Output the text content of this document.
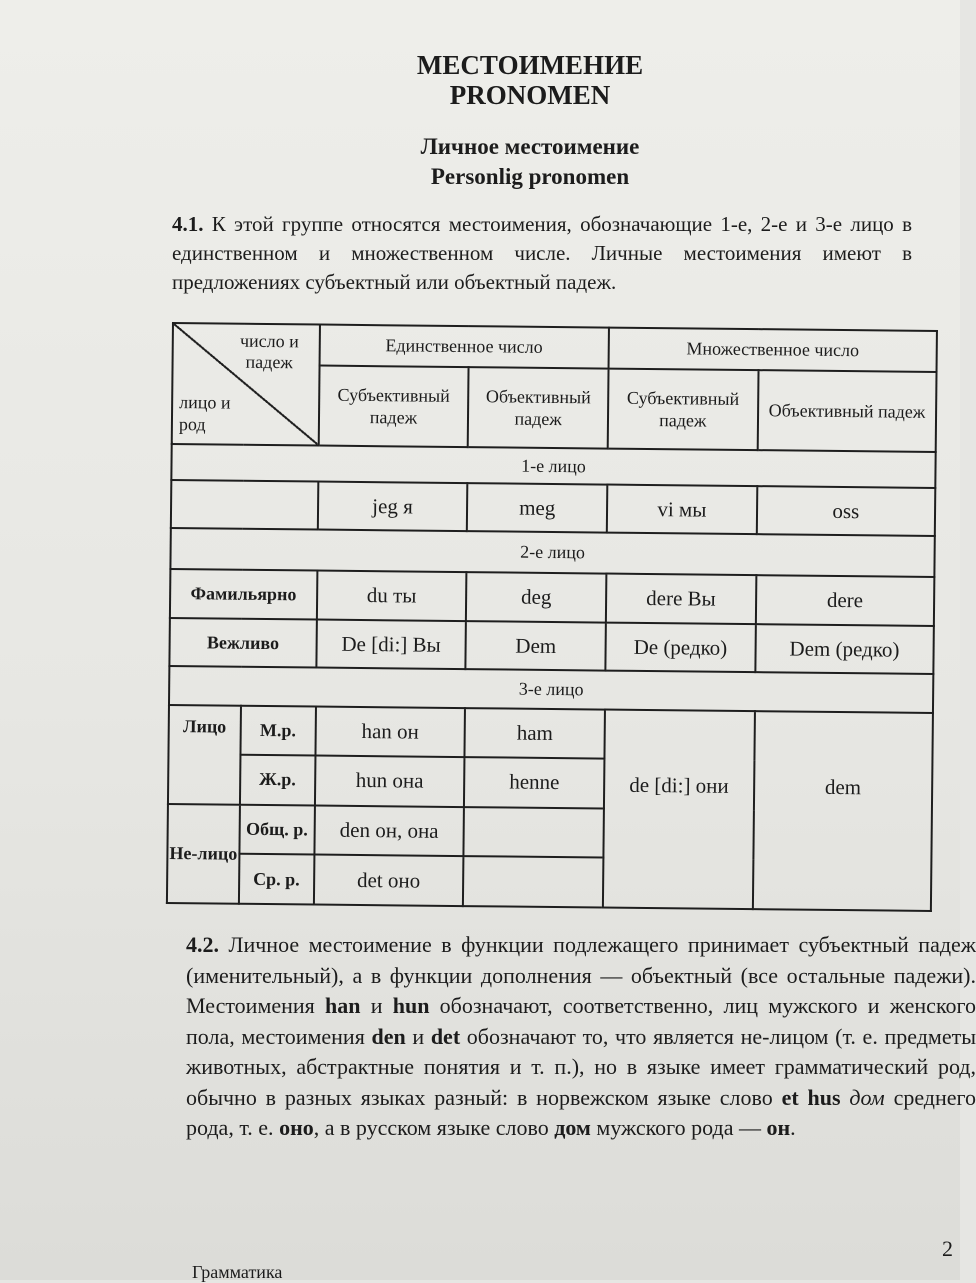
МЕСТОИМЕНИЕ
PRONOMEN
Личное местоимение
Personlig pronomen
4.1. К этой группе относятся местоимения, обозначающие 1-е, 2-е и 3-е лицо в единственном и множественном числе. Личные местоимения имеют в предложениях субъектный или объектный падеж.
число и падеж
лицо и род		Единственное число		Множественное число	
		Субъективный падеж	Объективный падеж	Субъективный падеж	Объективный падеж
1-е лицо					
		jeg я	meg	vi мы	oss
2-е лицо					
Фамильярно		du ты	deg	dere Вы	dere
Вежливо		De [di:] Вы	Dem	De (редко)	Dem (редко)
3-е лицо					
Лицо	М.р.	han он	ham	de [di:] они	dem
	Ж.р.	hun она	henne		
Не-лицо	Общ. р.	den он, она			
	Ср. р.	det оно			
4.2. Личное местоимение в функции подлежащего принимает субъектный падеж (именительный), а в функции дополнения — объектный (все остальные падежи). Местоимения han и hun обозначают, соответственно, лиц мужского и женского пола, местоимения den и det обозначают то, что является не-лицом (т. е. предметы животных, абстрактные понятия и т. п.), но в языке имеет грамматический род, обычно в разных языках разный: в норвежском языке слово et hus дом среднего рода, т. е. оно, а в русском языке слово дом мужского рода — он.
Грамматика
2
